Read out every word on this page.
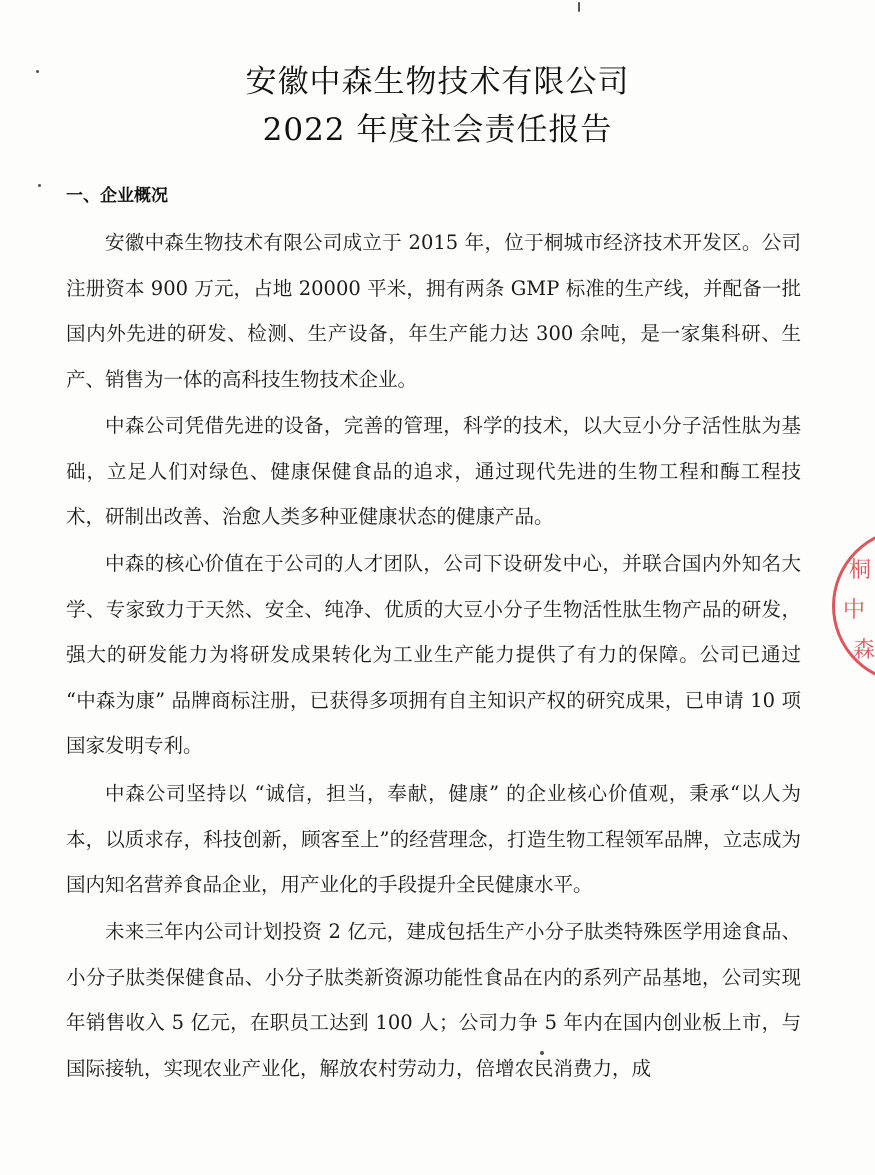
安徽中森生物技术有限公司
2022 年度社会责任报告
一、企业概况

安徽中森生物技术有限公司成立于 2015 年，位于桐城市经济技术开发区。公司注册资本 900 万元，占地 20000 平米，拥有两条 GMP 标准的生产线，并配备一批国内外先进的研发、检测、生产设备，年生产能力达 300 余吨，是一家集科研、生产、销售为一体的高科技生物技术企业。

中森公司凭借先进的设备，完善的管理，科学的技术，以大豆小分子活性肽为基础，立足人们对绿色、健康保健食品的追求，通过现代先进的生物工程和酶工程技术，研制出改善、治愈人类多种亚健康状态的健康产品。

中森的核心价值在于公司的人才团队，公司下设研发中心，并联合国内外知名大学、专家致力于天然、安全、纯净、优质的大豆小分子生物活性肽生物产品的研发，强大的研发能力为将研发成果转化为工业生产能力提供了有力的保障。公司已通过 “中森为康” 品牌商标注册，已获得多项拥有自主知识产权的研究成果，已申请 10 项国家发明专利。

中森公司坚持以 “诚信，担当，奉献，健康” 的企业核心价值观，秉承“以人为本，以质求存，科技创新，顾客至上”的经营理念，打造生物工程领军品牌，立志成为国内知名营养食品企业，用产业化的手段提升全民健康水平。

未来三年内公司计划投资 2 亿元，建成包括生产小分子肽类特殊医学用途食品、小分子肽类保健食品、小分子肽类新资源功能性食品在内的系列产品基地，公司实现年销售收入 5 亿元，在职员工达到 100 人；公司力争 5 年内在国内创业板上市，与国际接轨，实现农业产业化，解放农村劳动力，倍增农民消费力，成

桐
中
森
